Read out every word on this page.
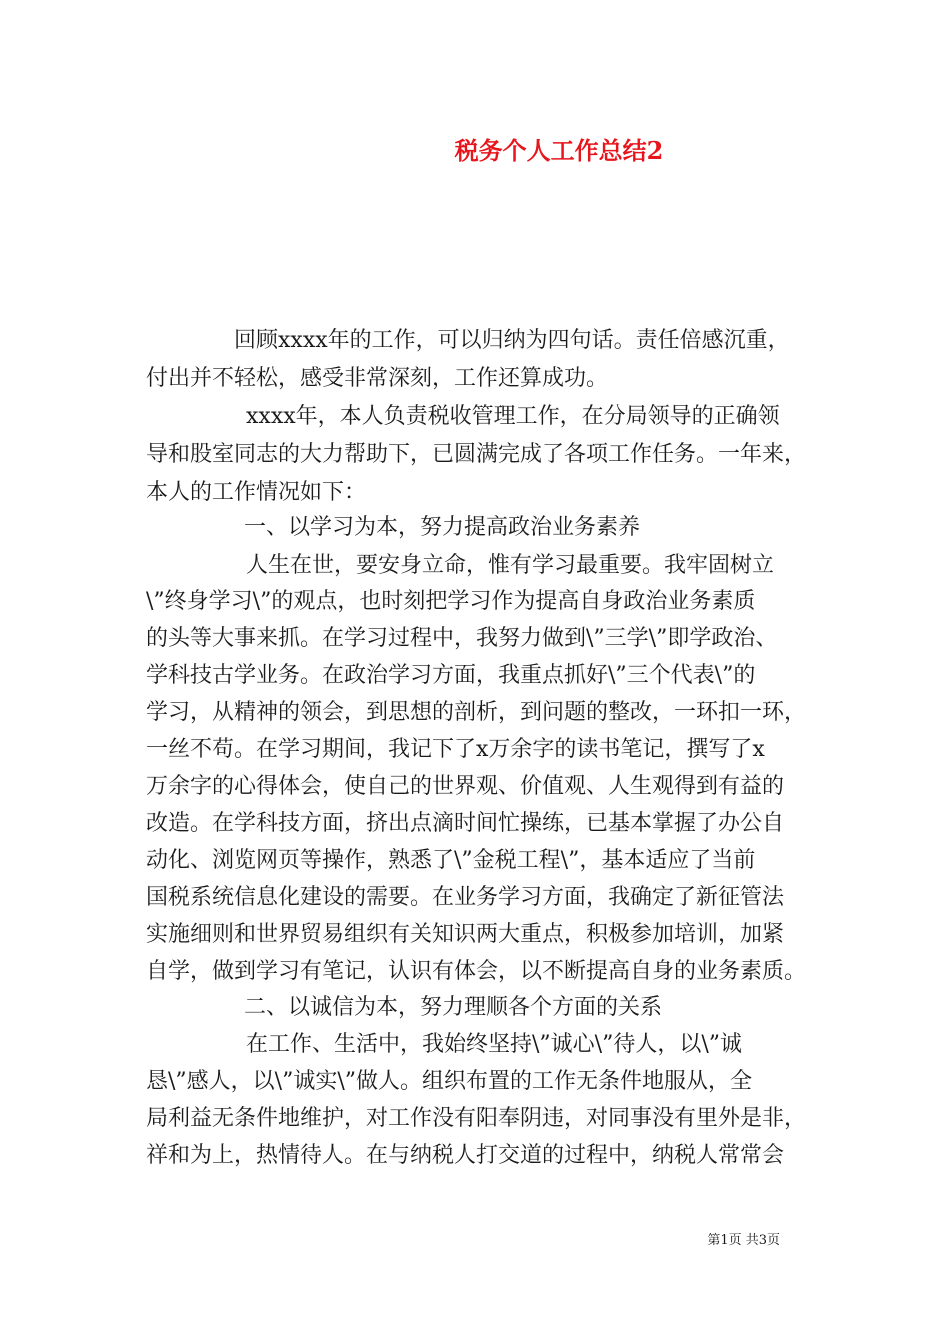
税务个人工作总结2
回顾xxxx年的工作，可以归纳为四句话。责任倍感沉重，
付出并不轻松，感受非常深刻，工作还算成功。
xxxx年，本人负责税收管理工作，在分局领导的正确领
导和股室同志的大力帮助下，已圆满完成了各项工作任务。一年来，
本人的工作情况如下：
一、以学习为本，努力提高政治业务素养
人生在世，要安身立命，惟有学习最重要。我牢固树立
\”终身学习\”的观点，也时刻把学习作为提高自身政治业务素质
的头等大事来抓。在学习过程中，我努力做到\”三学\”即学政治、
学科技古学业务。在政治学习方面，我重点抓好\”三个代表\”的
学习，从精神的领会，到思想的剖析，到问题的整改，一环扣一环，
一丝不苟。在学习期间，我记下了x万余字的读书笔记，撰写了x
万余字的心得体会，使自己的世界观、价值观、人生观得到有益的
改造。在学科技方面，挤出点滴时间忙操练，已基本掌握了办公自
动化、浏览网页等操作，熟悉了\”金税工程\”，基本适应了当前
国税系统信息化建设的需要。在业务学习方面，我确定了新征管法
实施细则和世界贸易组织有关知识两大重点，积极参加培训，加紧
自学，做到学习有笔记，认识有体会，以不断提高自身的业务素质。
二、以诚信为本，努力理顺各个方面的关系
在工作、生活中，我始终坚持\”诚心\”待人，以\”诚
恳\”感人，以\”诚实\”做人。组织布置的工作无条件地服从，全
局利益无条件地维护，对工作没有阳奉阴违，对同事没有里外是非，
祥和为上，热情待人。在与纳税人打交道的过程中，纳税人常常会
第1页 共3页
